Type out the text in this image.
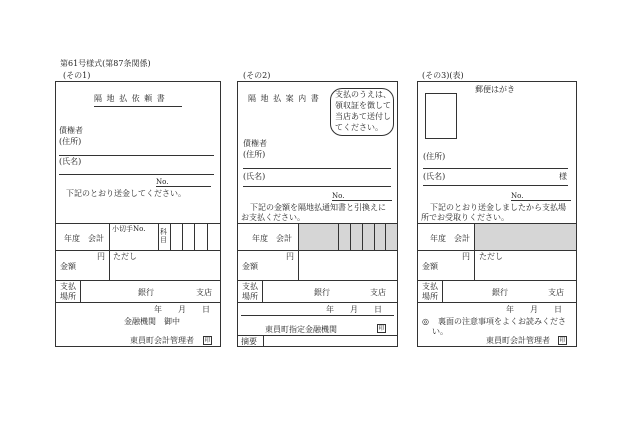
第61号様式(第87条関係)
(その1)
隔 地 払 依 頼 書
債権者
(住所)
(氏名)
No.
下記のとおり送金してください。
年度　会計
小切手No. 科目
金額
円 ただし
支払場所	銀行	支店
年　　月　　日
金融機関　御中
東員町会計管理者 印
(その2)
隔 地 払 案 内 書 支払のうえは、
領収証を徴して
当店あて送付し
てください。
債権者
(住所)
(氏名)
No.
下記の金額を隔地払通知書と引換えに
お支払ください。
年度　会計
金額
円
支払場所	銀行	支店
年　　月　　日
東員町指定金融機関	印
摘要
(その3)(表)
郵便はがき
(住所)
(氏名)	様
No.
下記のとおり送金しましたから支払場
所でお受取りください。
年度　会計
金額
円 ただし
支払場所	銀行	支店
年　　月　　日
◎ 裏面の注意事項をよくお読みくださ
い。
東員町会計管理者 印
